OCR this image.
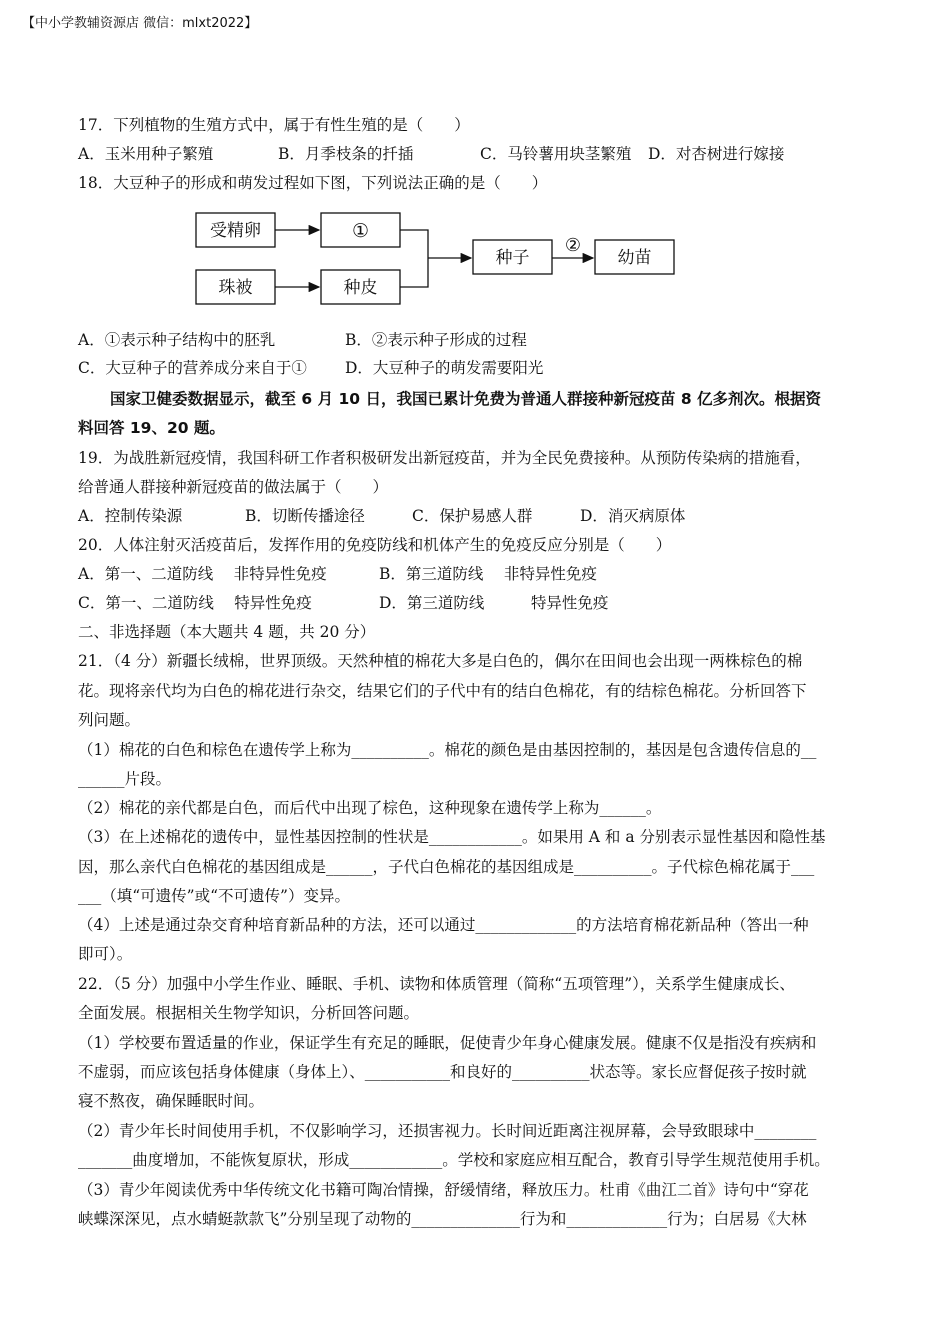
【中小学教辅资源店 微信：mlxt2022】
17．下列植物的生殖方式中，属于有性生殖的是（　　）
A．玉米用种子繁殖	B．月季枝条的扦插	C．马铃薯用块茎繁殖 D．对杏树进行嫁接
18．大豆种子的形成和萌发过程如下图，下列说法正确的是（　　）
受精卵	①
珠被	种皮
种子	幼苗
②
A．①表示种子结构中的胚乳	B．②表示种子形成的过程
C．大豆种子的营养成分来自于① D．大豆种子的萌发需要阳光
国家卫健委数据显示，截至 6 月 10 日，我国已累计免费为普通人群接种新冠疫苗 8 亿多剂次。根据资
料回答 19、20 题。
19．为战胜新冠疫情，我国科研工作者积极研发出新冠疫苗，并为全民免费接种。从预防传染病的措施看，
给普通人群接种新冠疫苗的做法属于（　　）
A．控制传染源	B．切断传播途径	C．保护易感人群	D．消灭病原体
20．人体注射灭活疫苗后，发挥作用的免疫防线和机体产生的免疫反应分别是（　　）
A．第一、二道防线　 非特异性免疫	B．第三道防线　 非特异性免疫
C．第一、二道防线　 特异性免疫	D．第三道防线　　　特异性免疫
二、非选择题（本大题共 4 题，共 20 分）
21．（4 分）新疆长绒棉，世界顶级。天然种植的棉花大多是白色的，偶尔在田间也会出现一两株棕色的棉
花。现将亲代均为白色的棉花进行杂交，结果它们的子代中有的结白色棉花，有的结棕色棉花。分析回答下
列问题。
（1）棉花的白色和棕色在遗传学上称为__________。棉花的颜色是由基因控制的，基因是包含遗传信息的__
______片段。
（2）棉花的亲代都是白色，而后代中出现了棕色，这种现象在遗传学上称为______。
（3）在上述棉花的遗传中，显性基因控制的性状是____________。如果用 A 和 a 分别表示显性基因和隐性基
因，那么亲代白色棉花的基因组成是______，子代白色棉花的基因组成是__________。子代棕色棉花属于___
___（填“可遗传”或“不可遗传”）变异。
（4）上述是通过杂交育种培育新品种的方法，还可以通过_____________的方法培育棉花新品种（答出一种
即可）。
22．（5 分）加强中小学生作业、睡眠、手机、读物和体质管理（简称“五项管理”），关系学生健康成长、
全面发展。根据相关生物学知识，分析回答问题。
（1）学校要布置适量的作业，保证学生有充足的睡眠，促使青少年身心健康发展。健康不仅是指没有疾病和
不虚弱，而应该包括身体健康（身体上）、___________和良好的__________状态等。家长应督促孩子按时就
寝不熬夜，确保睡眠时间。
（2）青少年长时间使用手机，不仅影响学习，还损害视力。长时间近距离注视屏幕，会导致眼球中________
_______曲度增加，不能恢复原状，形成____________。学校和家庭应相互配合，教育引导学生规范使用手机。
（3）青少年阅读优秀中华传统文化书籍可陶冶情操，舒缓情绪，释放压力。杜甫《曲江二首》诗句中“穿花
峡蝶深深见，点水蜻蜓款款飞”分别呈现了动物的______________行为和_____________行为；白居易《大林
